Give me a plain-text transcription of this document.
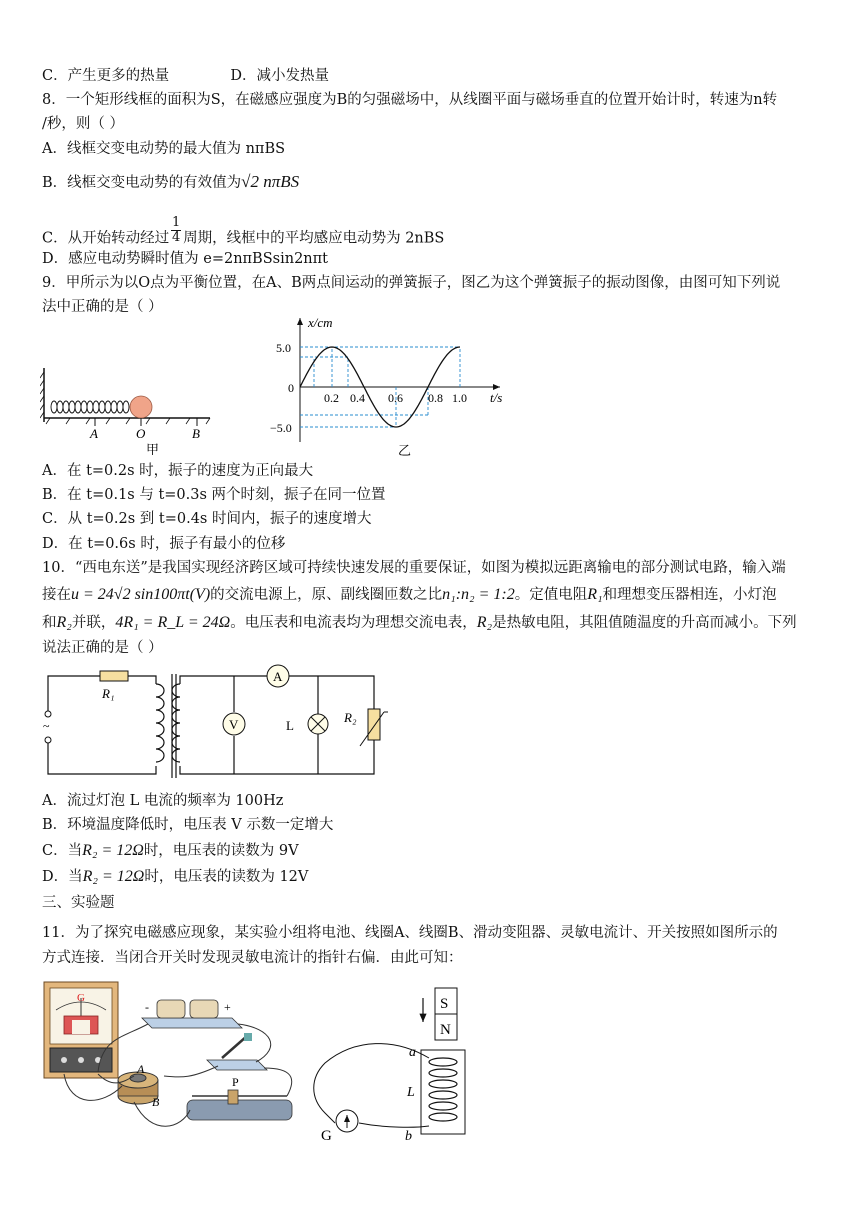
C．产生更多的热量	D．减小发热量
8．一个矩形线框的面积为S，在磁感应强度为B的匀强磁场中，从线圈平面与磁场垂直的位置开始计时，转速为n转
/秒，则（ ）
A．线框交变电动势的最大值为 nπBS
B．线框交变电动势的有效值为√2 nπBS
C．从开始转动经过 $\frac{1}{4}$ 周期，线框中的平均感应电动势为 2nBS
D．感应电动势瞬时值为 e=2nπBSsin2nπt
9．甲所示为以O点为平衡位置，在A、B两点间运动的弹簧振子，图乙为这个弹簧振子的振动图像，由图可知下列说
法中正确的是（ ）
A	O	B
甲
x/cm
t/s
0
5.0
−5.0
0.2 0.4 0.6 0.8 1.0
乙
A．在 t=0.2s 时，振子的速度为正向最大
B．在 t=0.1s 与 t=0.3s 两个时刻，振子在同一位置
C．从 t=0.2s 到 t=0.4s 时间内，振子的速度增大
D．在 t=0.6s 时，振子有最小的位移
10．“西电东送”是我国实现经济跨区域可持续快速发展的重要保证，如图为模拟远距离输电的部分测试电路，输入端
接在u = 24√2 sin100πt(V)的交流电源上，原、副线圈匝数之比n₁:n₂ = 1:2。定值电阻R₁和理想变压器相连，小灯泡
和R₂并联，4R₁ = R_L = 24Ω。电压表和电流表均为理想交流电表，R₂是热敏电阻，其阻值随温度的升高而减小。下列
说法正确的是（ ）
R₁
~
A
V	L
R₂
A．流过灯泡 L 电流的频率为 100Hz
B．环境温度降低时，电压表 V 示数一定增大
C．当R₂ = 12Ω时，电压表的读数为 9V
D．当R₂ = 12Ω时，电压表的读数为 12V
三、实验题
11．为了探究电磁感应现象，某实验小组将电池、线圈A、线圈B、滑动变阻器、灵敏电流计、开关按照如图所示的
方式连接．当闭合开关时发现灵敏电流计的指针右偏．由此可知：
G
-	+
A
B
P
S
N
a
L
b
G
